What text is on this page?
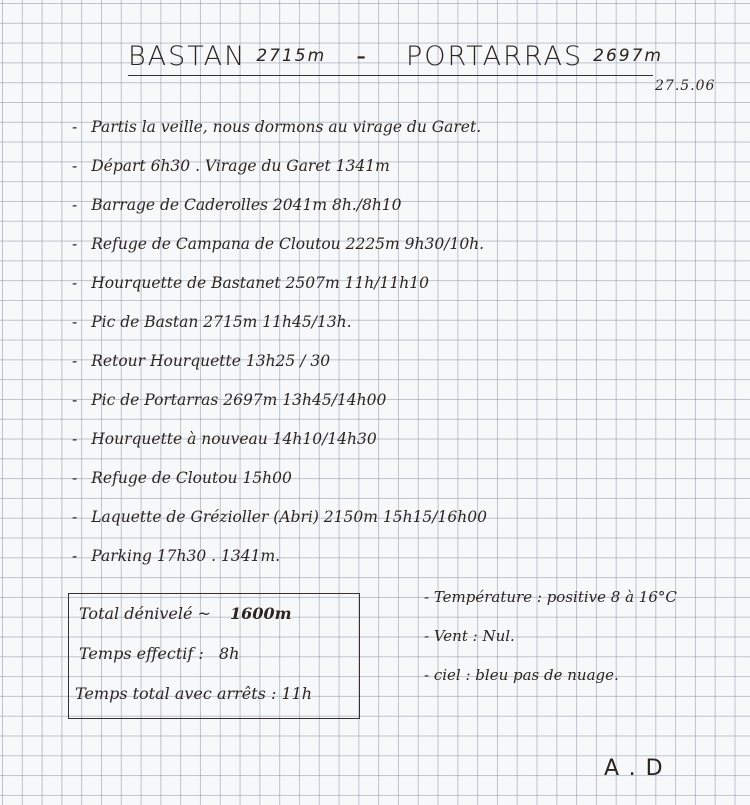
BASTAN 2715m - PORTARRAS 2697m
27.5.06
- Partis la veille, nous dormons au virage du Garet.
- Départ 6h30 . Virage du Garet 1341m
- Barrage de Caderolles 2041m 8h./8h10
- Refuge de Campana de Cloutou 2225m 9h30/10h.
- Hourquette de Bastanet 2507m 11h/11h10
- Pic de Bastan 2715m 11h45/13h.
- Retour Hourquette 13h25 / 30
- Pic de Portarras 2697m 13h45/14h00
- Hourquette à nouveau 14h10/14h30
- Refuge de Cloutou 15h00
- Laquette de Grézioller (Abri) 2150m 15h15/16h00
- Parking 17h30 . 1341m.
Total dénivelé ~ 1600m
Temps effectif : 8h
Temps total avec arrêts : 11h
- Température : positive 8 à 16°C
- Vent : Nul.
- ciel : bleu pas de nuage.
A.D
